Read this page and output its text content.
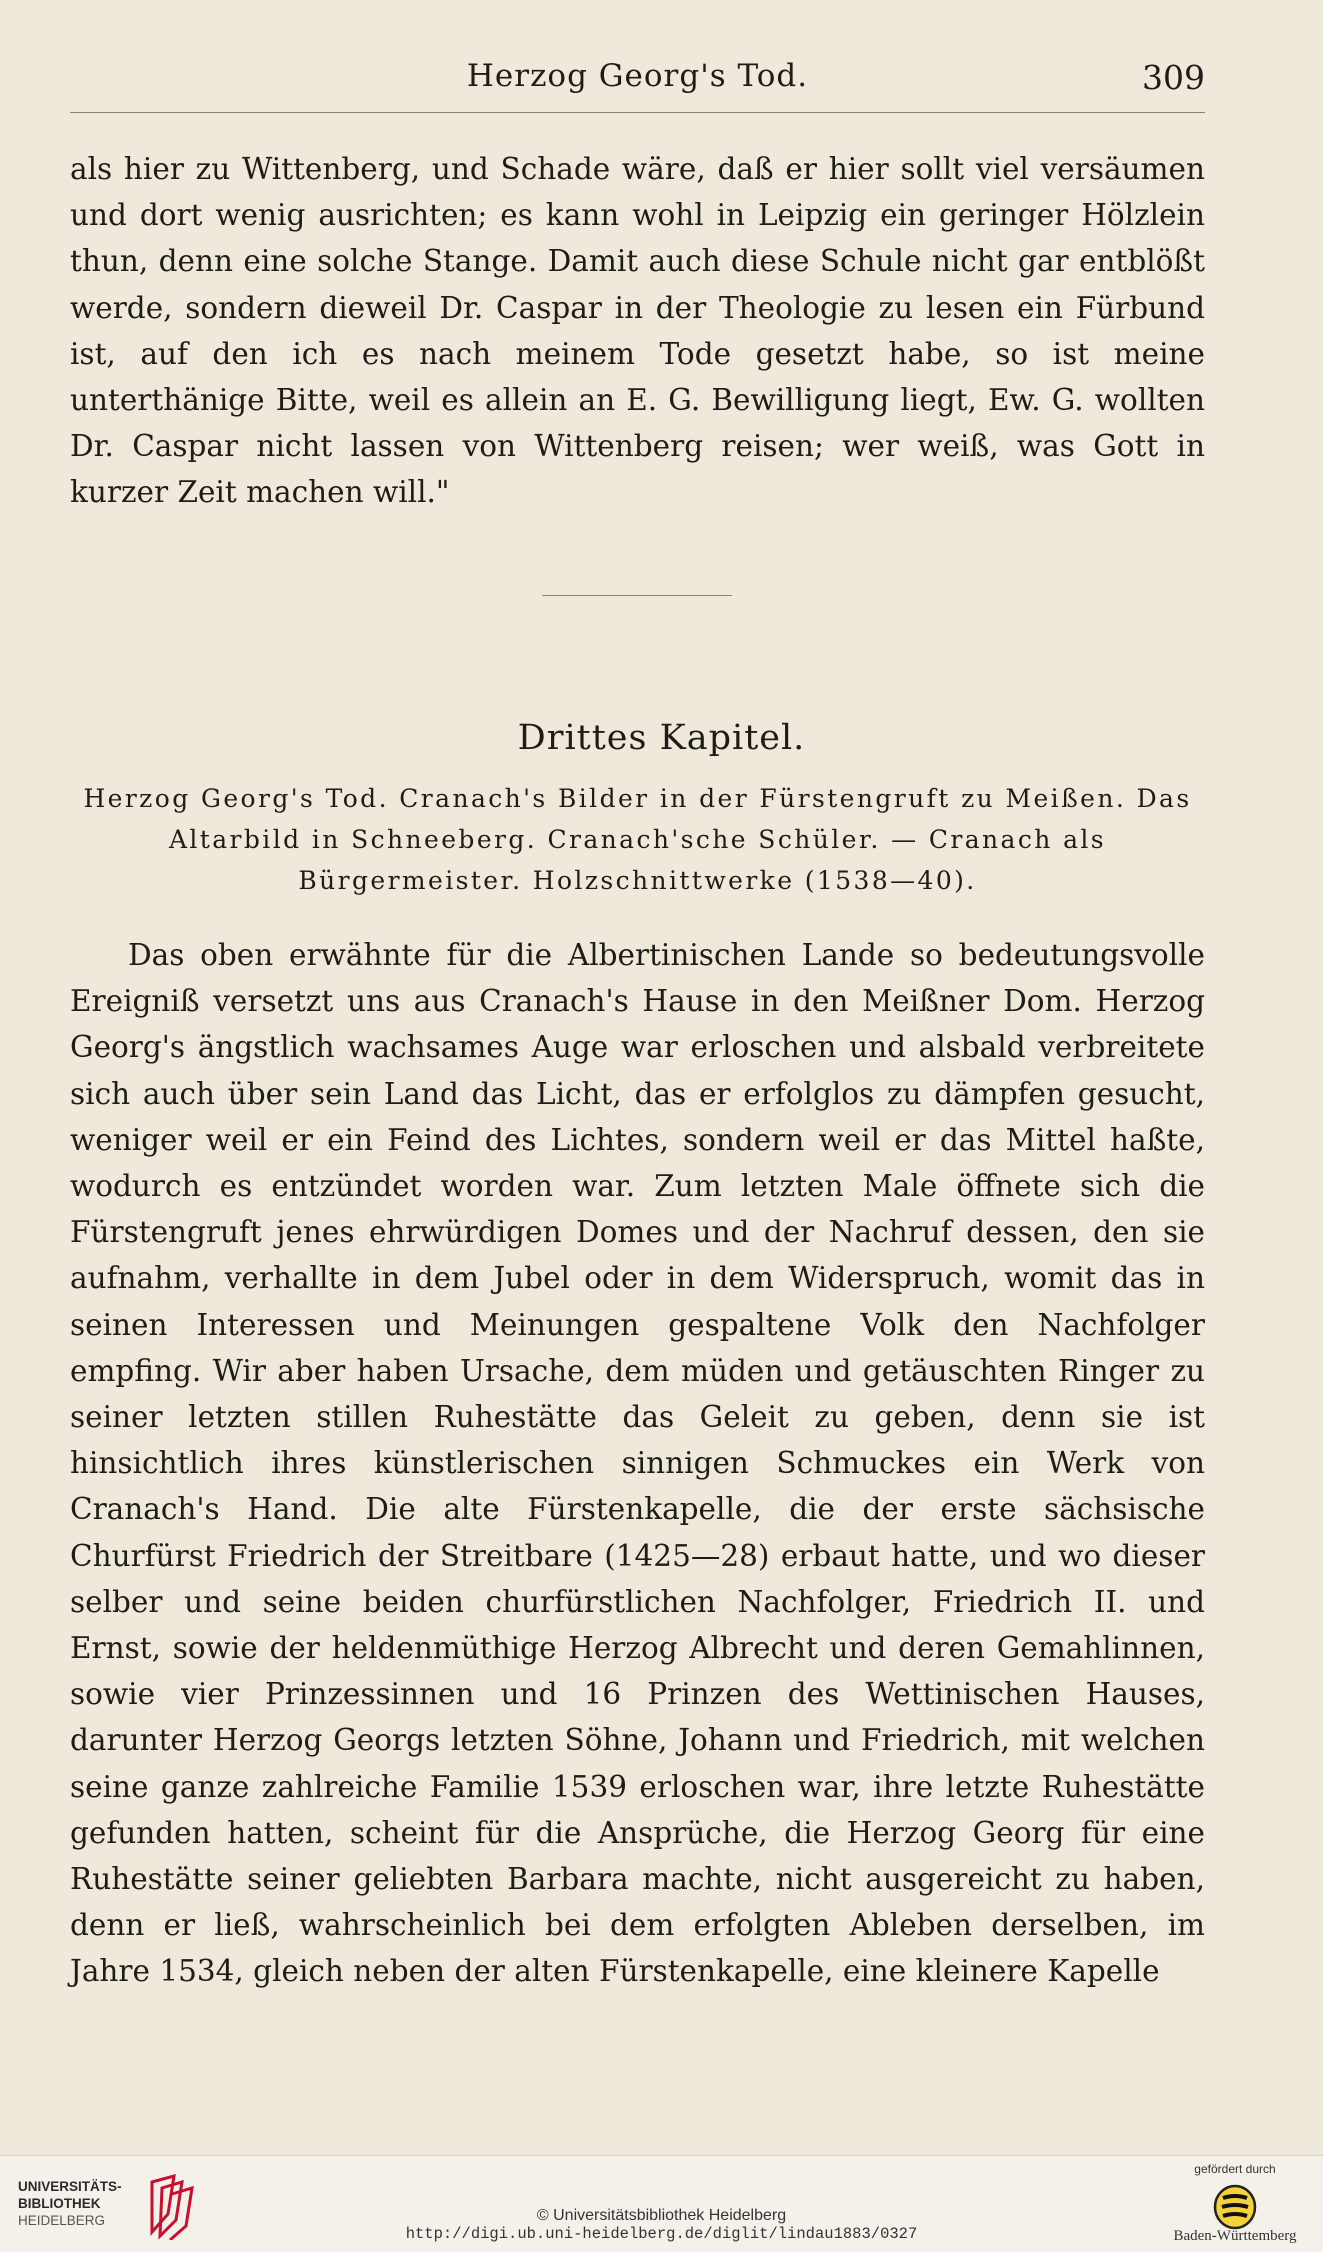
Herzog Georg's Tod.	309

als hier zu Wittenberg, und Schade wäre, daß er hier sollt viel versäumen und dort wenig ausrichten; es kann wohl in Leipzig ein geringer Hölzlein thun, denn eine solche Stange. Damit auch diese Schule nicht gar entblößt werde, sondern dieweil Dr. Caspar in der Theologie zu lesen ein Fürbund ist, auf den ich es nach meinem Tode gesetzt habe, so ist meine unterthänige Bitte, weil es allein an E. G. Bewilligung liegt, Ew. G. wollten Dr. Caspar nicht lassen von Wittenberg reisen; wer weiß, was Gott in kurzer Zeit machen will."

Drittes Kapitel.
Herzog Georg's Tod. Cranach's Bilder in der Fürstengruft zu Meißen. Das Altarbild in Schneeberg. Cranach'sche Schüler. — Cranach als Bürgermeister. Holzschnittwerke (1538—40).

Das oben erwähnte für die Albertinischen Lande so bedeutungsvolle Ereigniß versetzt uns aus Cranach's Hause in den Meißner Dom. Herzog Georg's ängstlich wachsames Auge war erloschen und alsbald verbreitete sich auch über sein Land das Licht, das er erfolglos zu dämpfen gesucht, weniger weil er ein Feind des Lichtes, sondern weil er das Mittel haßte, wodurch es entzündet worden war. Zum letzten Male öffnete sich die Fürstengruft jenes ehrwürdigen Domes und der Nachruf dessen, den sie aufnahm, verhallte in dem Jubel oder in dem Widerspruch, womit das in seinen Interessen und Meinungen gespaltene Volk den Nachfolger empfing. Wir aber haben Ursache, dem müden und getäuschten Ringer zu seiner letzten stillen Ruhestätte das Geleit zu geben, denn sie ist hinsichtlich ihres künstlerischen sinnigen Schmuckes ein Werk von Cranach's Hand. Die alte Fürstenkapelle, die der erste sächsische Churfürst Friedrich der Streitbare (1425—28) erbaut hatte, und wo dieser selber und seine beiden churfürstlichen Nachfolger, Friedrich II. und Ernst, sowie der heldenmüthige Herzog Albrecht und deren Gemahlinnen, sowie vier Prinzessinnen und 16 Prinzen des Wettinischen Hauses, darunter Herzog Georgs letzten Söhne, Johann und Friedrich, mit welchen seine ganze zahlreiche Familie 1539 erloschen war, ihre letzte Ruhestätte gefunden hatten, scheint für die Ansprüche, die Herzog Georg für eine Ruhestätte seiner geliebten Barbara machte, nicht ausgereicht zu haben, denn er ließ, wahrscheinlich bei dem erfolgten Ableben derselben, im Jahre 1534, gleich neben der alten Fürstenkapelle, eine kleinere Kapelle

UNIVERSITÄTS-
BIBLIOTHEK
HEIDELBERG	© Universitätsbibliothek Heidelberg
http://digi.ub.uni-heidelberg.de/diglit/lindau1883/0327
gefördert durch
Baden-Württemberg
